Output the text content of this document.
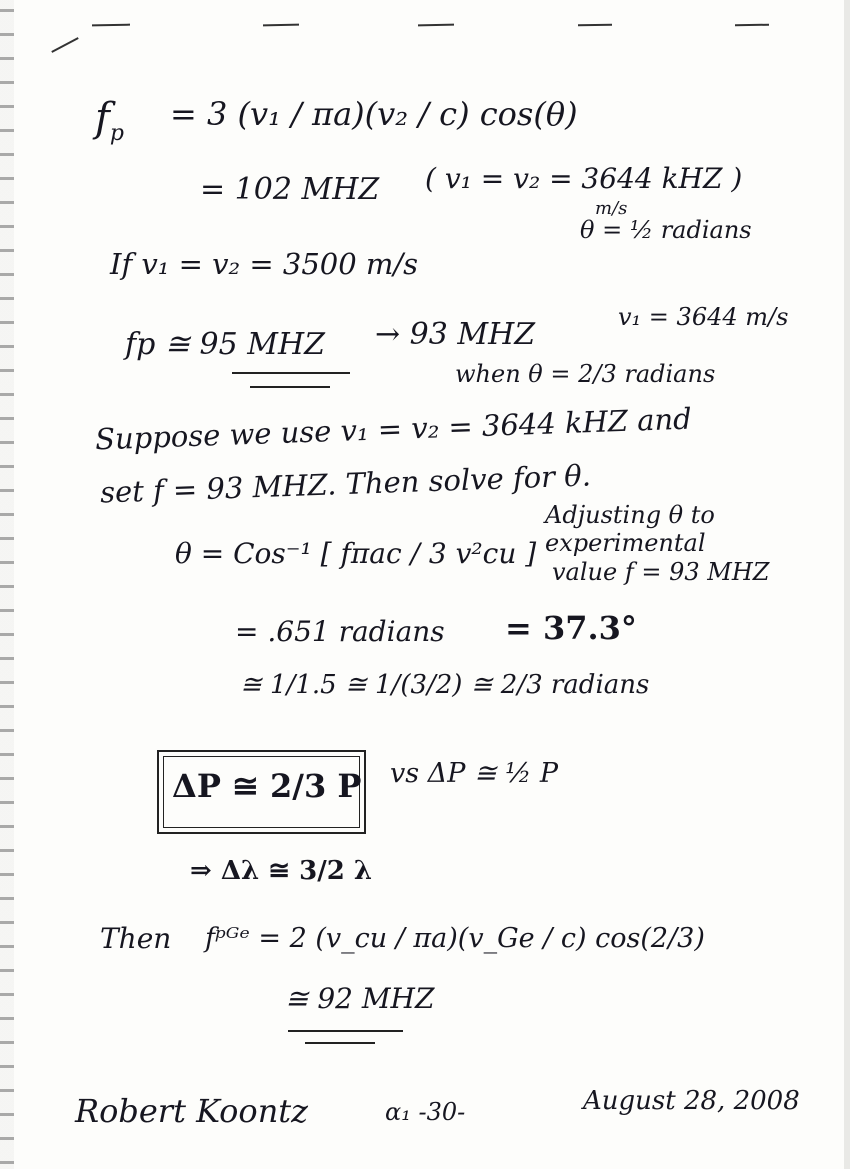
$f_p$
= 3 (v₁ / πa)(v₂ / c) cos(θ)
= 102 MHZ ( v₁ = v₂ = 3644 kHZ )
m/s
θ = ½ radians
If v₁ = v₂ = 3500 m/s
fp ≅ 95 MHZ → 93 MHZ	v₁ = 3644 m/s
when θ = 2/3 radians
Suppose we use v₁ = v₂ = 3644 kHZ and
set f = 93 MHZ. Then solve for θ.
θ = Cos⁻¹ [ fπac / 3 v²cu ]
Adjusting θ to
experimental
value f = 93 MHZ
= .651 radians = 37.3°
≅ 1/1.5 ≅ 1/(3/2) ≅ 2/3 radians
ΔP ≅ 2/3 P vs ΔP ≅ ½ P
⇒ Δλ ≅ 3/2 λ
Then fᵖᴳᵉ = 2 (v_cu / πa)(v_Ge / c) cos(2/3)
≅ 92 MHZ
Robert Koontz	α₁ -30-	August 28, 2008
